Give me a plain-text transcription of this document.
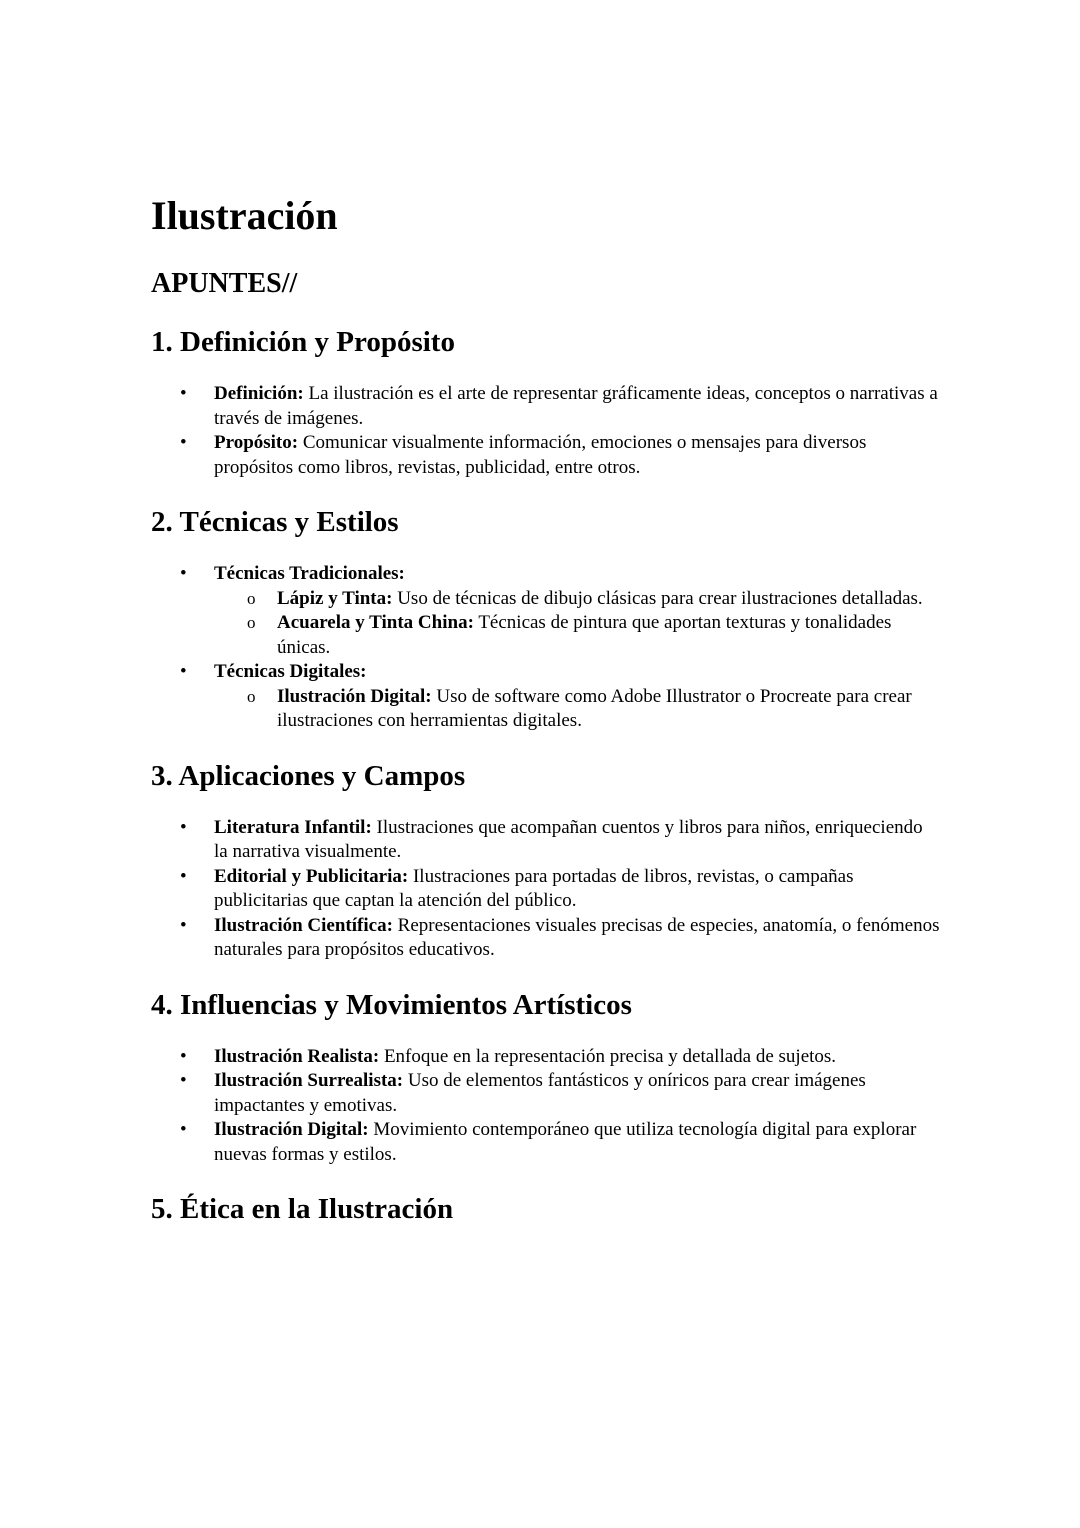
Ilustración
APUNTES//
1. Definición y Propósito
• Definición: La ilustración es el arte de representar gráficamente ideas, conceptos o narrativas a través de imágenes.
• Propósito: Comunicar visualmente información, emociones o mensajes para diversos propósitos como libros, revistas, publicidad, entre otros.
2. Técnicas y Estilos
• Técnicas Tradicionales:
o Lápiz y Tinta: Uso de técnicas de dibujo clásicas para crear ilustraciones detalladas.
o Acuarela y Tinta China: Técnicas de pintura que aportan texturas y tonalidades únicas.
• Técnicas Digitales:
o Ilustración Digital: Uso de software como Adobe Illustrator o Procreate para crear ilustraciones con herramientas digitales.
3. Aplicaciones y Campos
• Literatura Infantil: Ilustraciones que acompañan cuentos y libros para niños, enriqueciendo la narrativa visualmente.
• Editorial y Publicitaria: Ilustraciones para portadas de libros, revistas, o campañas publicitarias que captan la atención del público.
• Ilustración Científica: Representaciones visuales precisas de especies, anatomía, o fenómenos naturales para propósitos educativos.
4. Influencias y Movimientos Artísticos
• Ilustración Realista: Enfoque en la representación precisa y detallada de sujetos.
• Ilustración Surrealista: Uso de elementos fantásticos y oníricos para crear imágenes impactantes y emotivas.
• Ilustración Digital: Movimiento contemporáneo que utiliza tecnología digital para explorar nuevas formas y estilos.
5. Ética en la Ilustración
